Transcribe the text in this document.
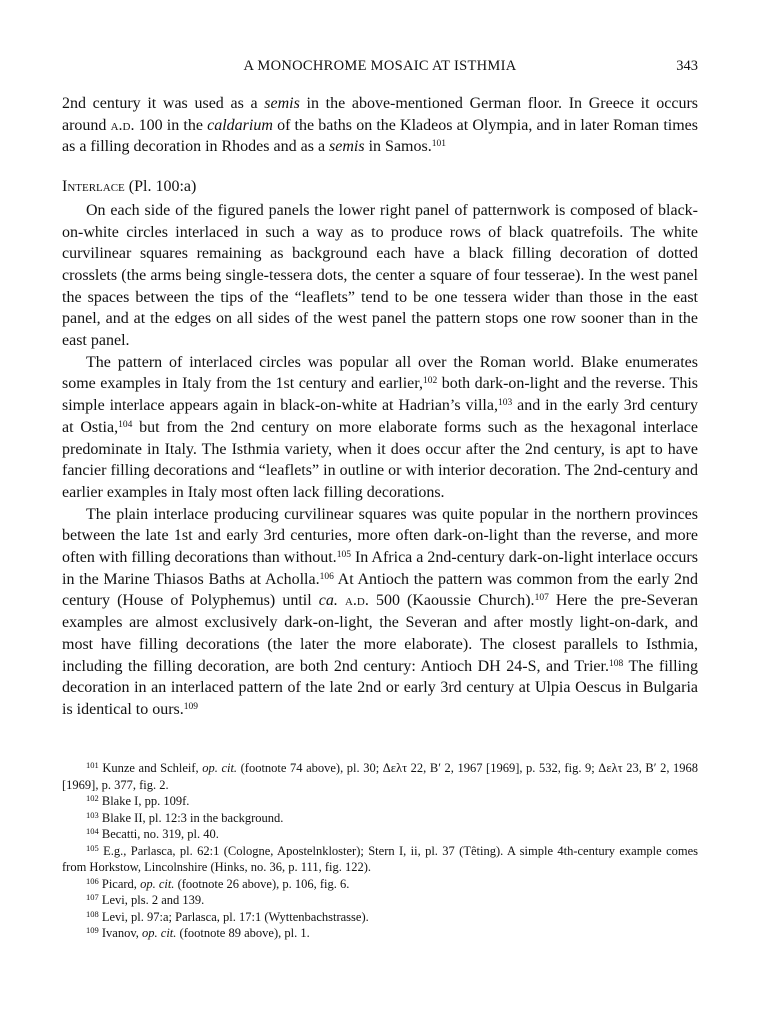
A MONOCHROME MOSAIC AT ISTHMIA	343

2nd century it was used as a semis in the above-mentioned German floor. In Greece it occurs around a.d. 100 in the caldarium of the baths on the Kladeos at Olympia, and in later Roman times as a filling decoration in Rhodes and as a semis in Samos.$^{101}$

Interlace (Pl. 100:a)

On each side of the figured panels the lower right panel of patternwork is composed of black-on-white circles interlaced in such a way as to produce rows of black quatrefoils. The white curvilinear squares remaining as background each have a black filling decoration of dotted crosslets (the arms being single-tessera dots, the center a square of four tesserae). In the west panel the spaces between the tips of the “leaflets” tend to be one tessera wider than those in the east panel, and at the edges on all sides of the west panel the pattern stops one row sooner than in the east panel.

The pattern of interlaced circles was popular all over the Roman world. Blake enumerates some examples in Italy from the 1st century and earlier,$^{102}$ both dark-on-light and the reverse. This simple interlace appears again in black-on-white at Hadrian’s villa,$^{103}$ and in the early 3rd century at Ostia,$^{104}$ but from the 2nd century on more elaborate forms such as the hexagonal interlace predominate in Italy. The Isthmia variety, when it does occur after the 2nd century, is apt to have fancier filling decorations and “leaflets” in outline or with interior decoration. The 2nd-century and earlier examples in Italy most often lack filling decorations.

The plain interlace producing curvilinear squares was quite popular in the northern provinces between the late 1st and early 3rd centuries, more often dark-on-light than the reverse, and more often with filling decorations than without.$^{105}$ In Africa a 2nd-century dark-on-light interlace occurs in the Marine Thiasos Baths at Acholla.$^{106}$ At Antioch the pattern was common from the early 2nd century (House of Polyphemus) until ca. a.d. 500 (Kaoussie Church).$^{107}$ Here the pre-Severan examples are almost exclusively dark-on-light, the Severan and after mostly light-on-dark, and most have filling decorations (the later the more elaborate). The closest parallels to Isthmia, including the filling decoration, are both 2nd century: Antioch DH 24-S, and Trier.$^{108}$ The filling decoration in an interlaced pattern of the late 2nd or early 3rd century at Ulpia Oescus in Bulgaria is identical to ours.$^{109}$

$^{101}$ Kunze and Schleif, op. cit. (footnote 74 above), pl. 30; Δελτ 22, Β′ 2, 1967 [1969], p. 532, fig. 9; Δελτ 23, Β′ 2, 1968 [1969], p. 377, fig. 2.

$^{102}$ Blake I, pp. 109f.

$^{103}$ Blake II, pl. 12:3 in the background.

$^{104}$ Becatti, no. 319, pl. 40.

$^{105}$ E.g., Parlasca, pl. 62:1 (Cologne, Apostelnkloster); Stern I, ii, pl. 37 (Têting). A simple 4th-century example comes from Horkstow, Lincolnshire (Hinks, no. 36, p. 111, fig. 122).

$^{106}$ Picard, op. cit. (footnote 26 above), p. 106, fig. 6.

$^{107}$ Levi, pls. 2 and 139.

$^{108}$ Levi, pl. 97:a; Parlasca, pl. 17:1 (Wyttenbachstrasse).

$^{109}$ Ivanov, op. cit. (footnote 89 above), pl. 1.
